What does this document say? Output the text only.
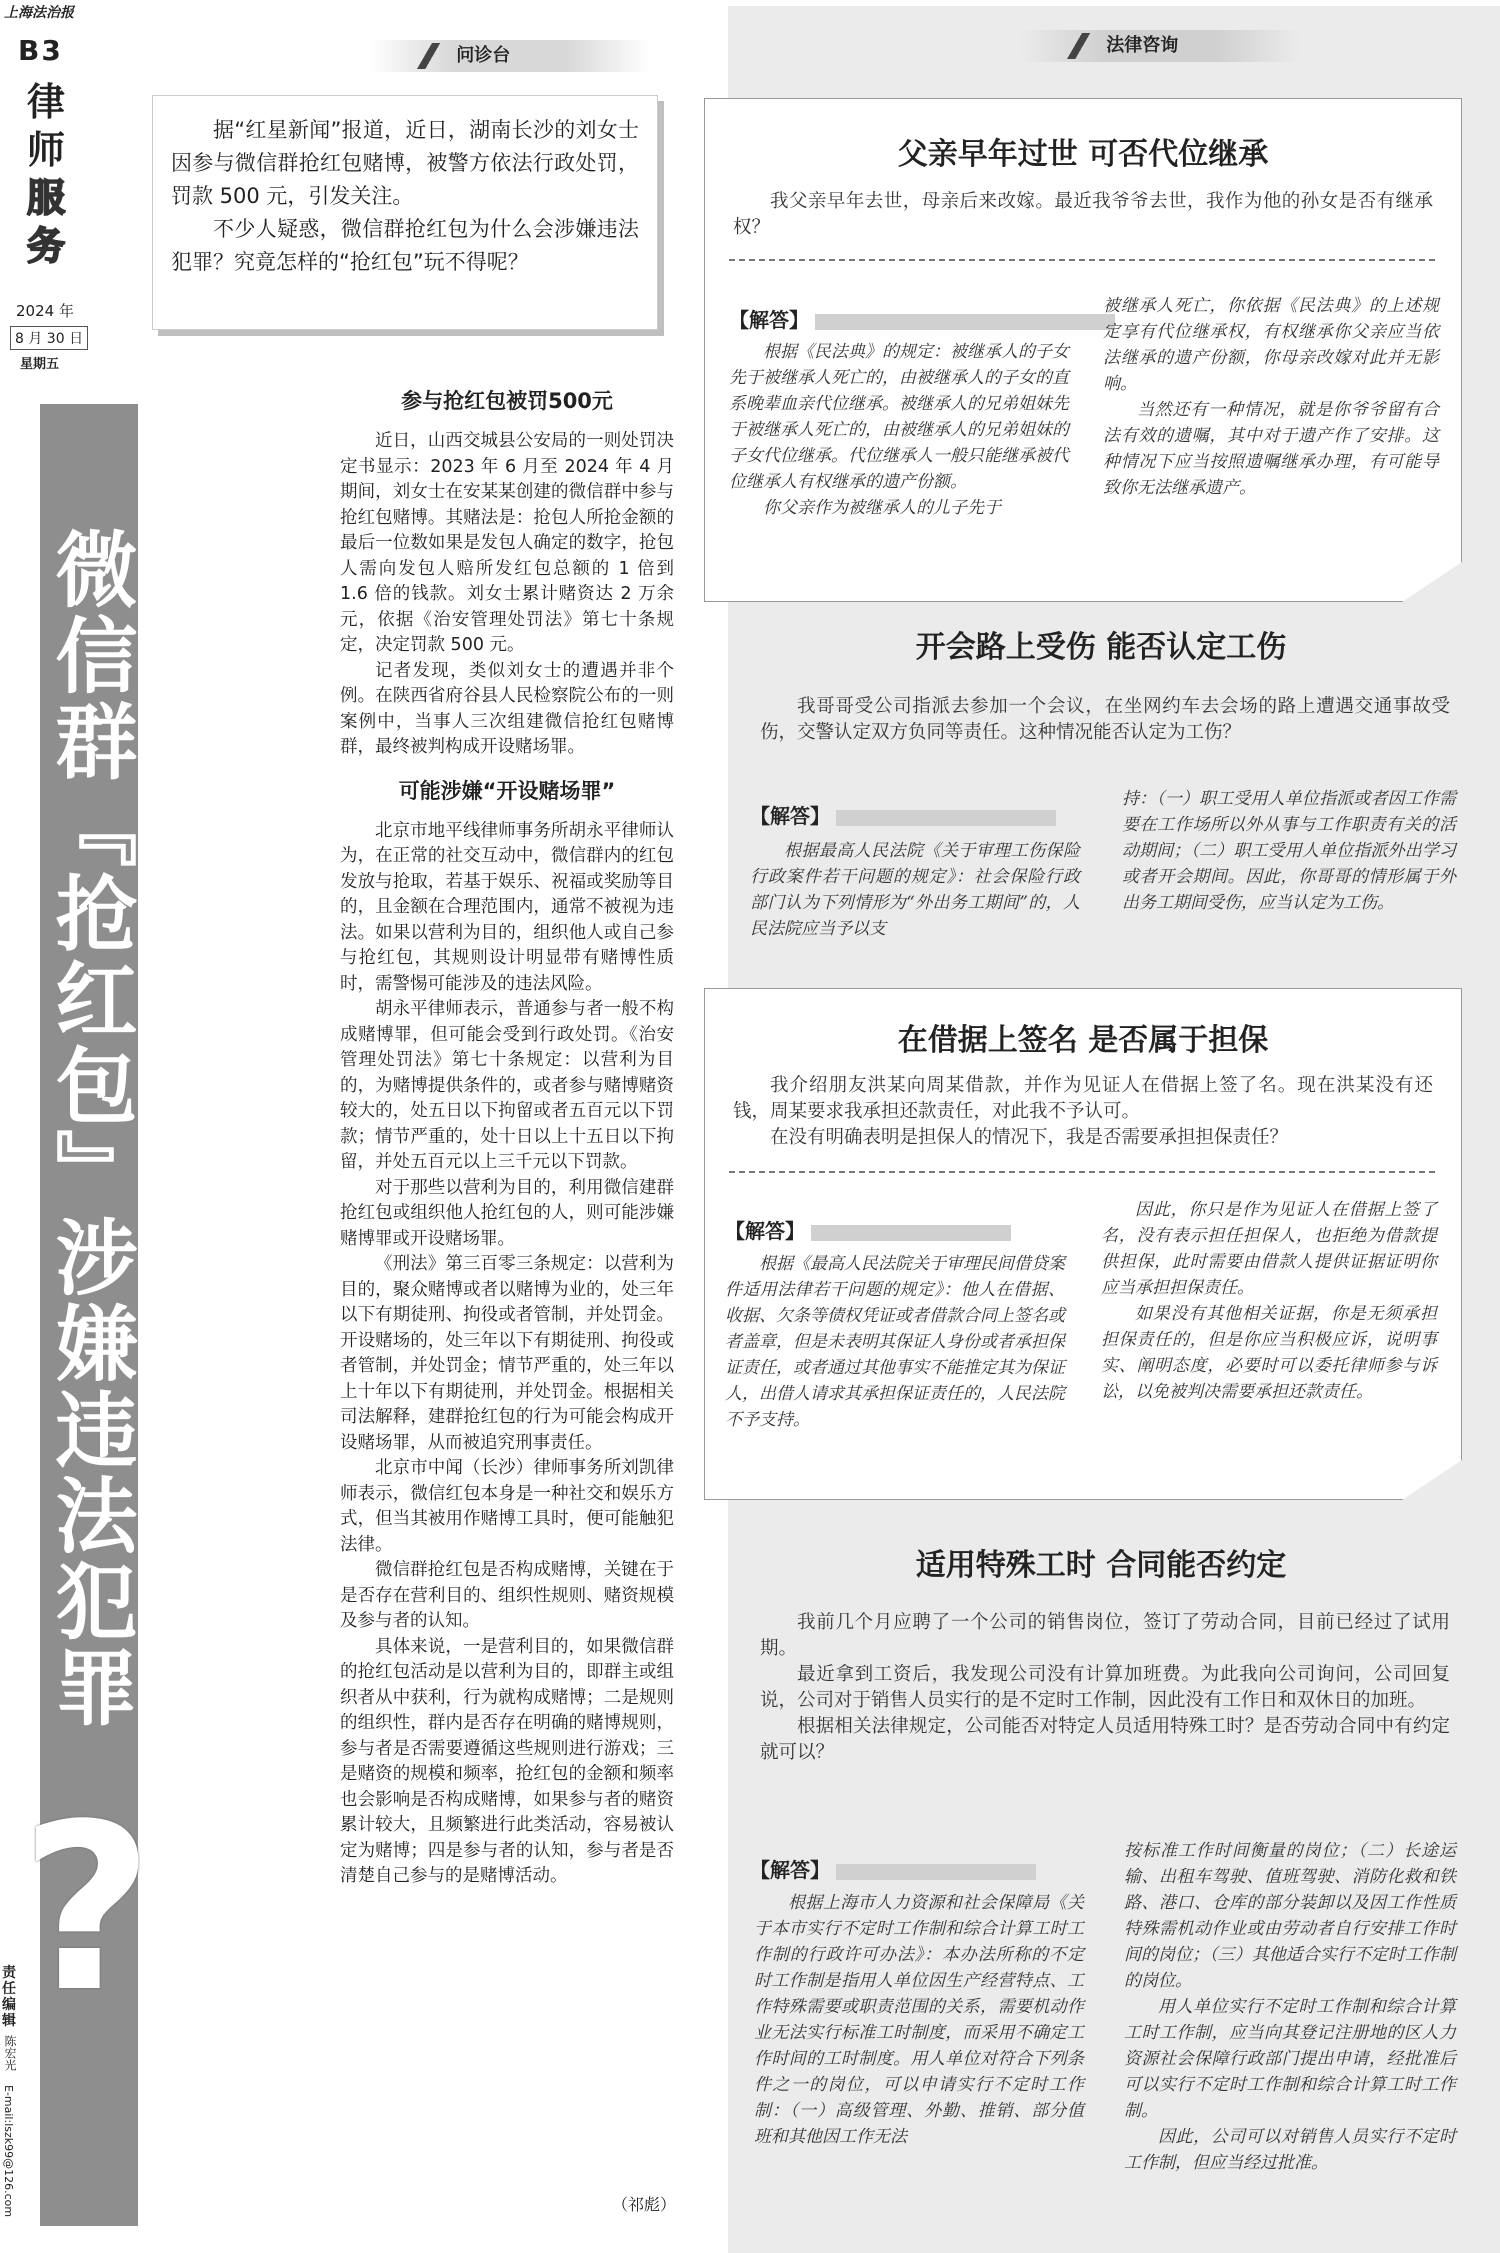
上海法治报
B3
律
师
服
务
2024 年
8 月 30 日
星期五
责任编辑
陈宏光
E-mail:lszk99@126.com
微信群『抢红包』涉嫌违法犯罪
?
问诊台	法律咨询

据“红星新闻”报道，近日，湖南长沙的刘女士因参与微信群抢红包赌博，被警方依法行政处罚，罚款 500 元，引发关注。

不少人疑惑，微信群抢红包为什么会涉嫌违法犯罪？究竟怎样的“抢红包”玩不得呢？

参与抢红包被罚500元

近日，山西交城县公安局的一则处罚决定书显示：2023 年 6 月至 2024 年 4 月期间，刘女士在安某某创建的微信群中参与抢红包赌博。其赌法是：抢包人所抢金额的最后一位数如果是发包人确定的数字，抢包人需向发包人赔所发红包总额的 1 倍到 1.6 倍的钱款。刘女士累计赌资达 2 万余元，依据《治安管理处罚法》第七十条规定，决定罚款 500 元。

记者发现，类似刘女士的遭遇并非个例。在陕西省府谷县人民检察院公布的一则案例中，当事人三次组建微信抢红包赌博群，最终被判构成开设赌场罪。

可能涉嫌“开设赌场罪”

北京市地平线律师事务所胡永平律师认为，在正常的社交互动中，微信群内的红包发放与抢取，若基于娱乐、祝福或奖励等目的，且金额在合理范围内，通常不被视为违法。如果以营利为目的，组织他人或自己参与抢红包，其规则设计明显带有赌博性质时，需警惕可能涉及的违法风险。

胡永平律师表示，普通参与者一般不构成赌博罪，但可能会受到行政处罚。《治安管理处罚法》第七十条规定：以营利为目的，为赌博提供条件的，或者参与赌博赌资较大的，处五日以下拘留或者五百元以下罚款；情节严重的，处十日以上十五日以下拘留，并处五百元以上三千元以下罚款。

对于那些以营利为目的，利用微信建群抢红包或组织他人抢红包的人，则可能涉嫌赌博罪或开设赌场罪。

《刑法》第三百零三条规定：以营利为目的，聚众赌博或者以赌博为业的，处三年以下有期徒刑、拘役或者管制，并处罚金。开设赌场的，处三年以下有期徒刑、拘役或者管制，并处罚金；情节严重的，处三年以上十年以下有期徒刑，并处罚金。根据相关司法解释，建群抢红包的行为可能会构成开设赌场罪，从而被追究刑事责任。

北京市中闻（长沙）律师事务所刘凯律师表示，微信红包本身是一种社交和娱乐方式，但当其被用作赌博工具时，便可能触犯法律。

微信群抢红包是否构成赌博，关键在于是否存在营利目的、组织性规则、赌资规模及参与者的认知。

具体来说，一是营利目的，如果微信群的抢红包活动是以营利为目的，即群主或组织者从中获利，行为就构成赌博；二是规则的组织性，群内是否存在明确的赌博规则，参与者是否需要遵循这些规则进行游戏；三是赌资的规模和频率，抢红包的金额和频率也会影响是否构成赌博，如果参与者的赌资累计较大，且频繁进行此类活动，容易被认定为赌博；四是参与者的认知，参与者是否清楚自己参与的是赌博活动。

（祁彪）
父亲早年过世 可否代位继承

我父亲早年去世，母亲后来改嫁。最近我爷爷去世，我作为他的孙女是否有继承权？

【解答】

根据《民法典》的规定：被继承人的子女先于被继承人死亡的，由被继承人的子女的直系晚辈血亲代位继承。被继承人的兄弟姐妹先于被继承人死亡的，由被继承人的兄弟姐妹的子女代位继承。代位继承人一般只能继承被代位继承人有权继承的遗产份额。

你父亲作为被继承人的儿子先于

被继承人死亡，你依据《民法典》的上述规定享有代位继承权，有权继承你父亲应当依法继承的遗产份额，你母亲改嫁对此并无影响。

当然还有一种情况，就是你爷爷留有合法有效的遗嘱，其中对于遗产作了安排。这种情况下应当按照遗嘱继承办理，有可能导致你无法继承遗产。

开会路上受伤 能否认定工伤

我哥哥受公司指派去参加一个会议，在坐网约车去会场的路上遭遇交通事故受伤，交警认定双方负同等责任。这种情况能否认定为工伤？

【解答】

根据最高人民法院《关于审理工伤保险行政案件若干问题的规定》：社会保险行政部门认为下列情形为“外出务工期间”的，人民法院应当予以支

持：（一）职工受用人单位指派或者因工作需要在工作场所以外从事与工作职责有关的活动期间；（二）职工受用人单位指派外出学习或者开会期间。因此，你哥哥的情形属于外出务工期间受伤，应当认定为工伤。

在借据上签名 是否属于担保

我介绍朋友洪某向周某借款，并作为见证人在借据上签了名。现在洪某没有还钱，周某要求我承担还款责任，对此我不予认可。

在没有明确表明是担保人的情况下，我是否需要承担担保责任？

【解答】

根据《最高人民法院关于审理民间借贷案件适用法律若干问题的规定》：他人在借据、收据、欠条等债权凭证或者借款合同上签名或者盖章，但是未表明其保证人身份或者承担保证责任，或者通过其他事实不能推定其为保证人，出借人请求其承担保证责任的，人民法院不予支持。

因此，你只是作为见证人在借据上签了名，没有表示担任担保人，也拒绝为借款提供担保，此时需要由借款人提供证据证明你应当承担担保责任。

如果没有其他相关证据，你是无须承担担保责任的，但是你应当积极应诉，说明事实、阐明态度，必要时可以委托律师参与诉讼，以免被判决需要承担还款责任。

适用特殊工时 合同能否约定

我前几个月应聘了一个公司的销售岗位，签订了劳动合同，目前已经过了试用期。

最近拿到工资后，我发现公司没有计算加班费。为此我向公司询问，公司回复说，公司对于销售人员实行的是不定时工作制，因此没有工作日和双休日的加班。

根据相关法律规定，公司能否对特定人员适用特殊工时？是否劳动合同中有约定就可以？

【解答】

根据上海市人力资源和社会保障局《关于本市实行不定时工作制和综合计算工时工作制的行政许可办法》：本办法所称的不定时工作制是指用人单位因生产经营特点、工作特殊需要或职责范围的关系，需要机动作业无法实行标准工时制度，而采用不确定工作时间的工时制度。用人单位对符合下列条件之一的岗位，可以申请实行不定时工作制：（一）高级管理、外勤、推销、部分值班和其他因工作无法

按标准工作时间衡量的岗位；（二）长途运输、出租车驾驶、值班驾驶、消防化救和铁路、港口、仓库的部分装卸以及因工作性质特殊需机动作业或由劳动者自行安排工作时间的岗位；（三）其他适合实行不定时工作制的岗位。

用人单位实行不定时工作制和综合计算工时工作制，应当向其登记注册地的区人力资源社会保障行政部门提出申请，经批准后可以实行不定时工作制和综合计算工时工作制。

因此，公司可以对销售人员实行不定时工作制，但应当经过批准。
